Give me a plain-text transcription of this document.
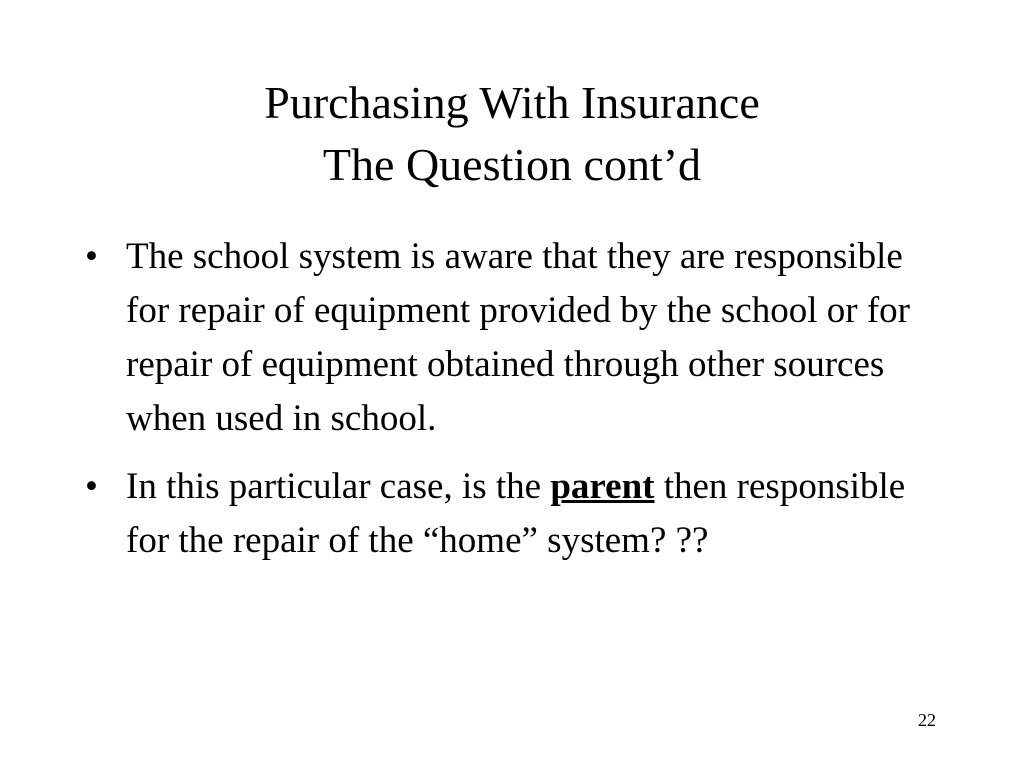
Purchasing With Insurance
The Question cont’d
• The school system is aware that they are responsible for repair of equipment provided by the school or for repair of equipment obtained through other sources when used in school.
• In this particular case, is the parent then responsible for the repair of the “home” system? ??
22
